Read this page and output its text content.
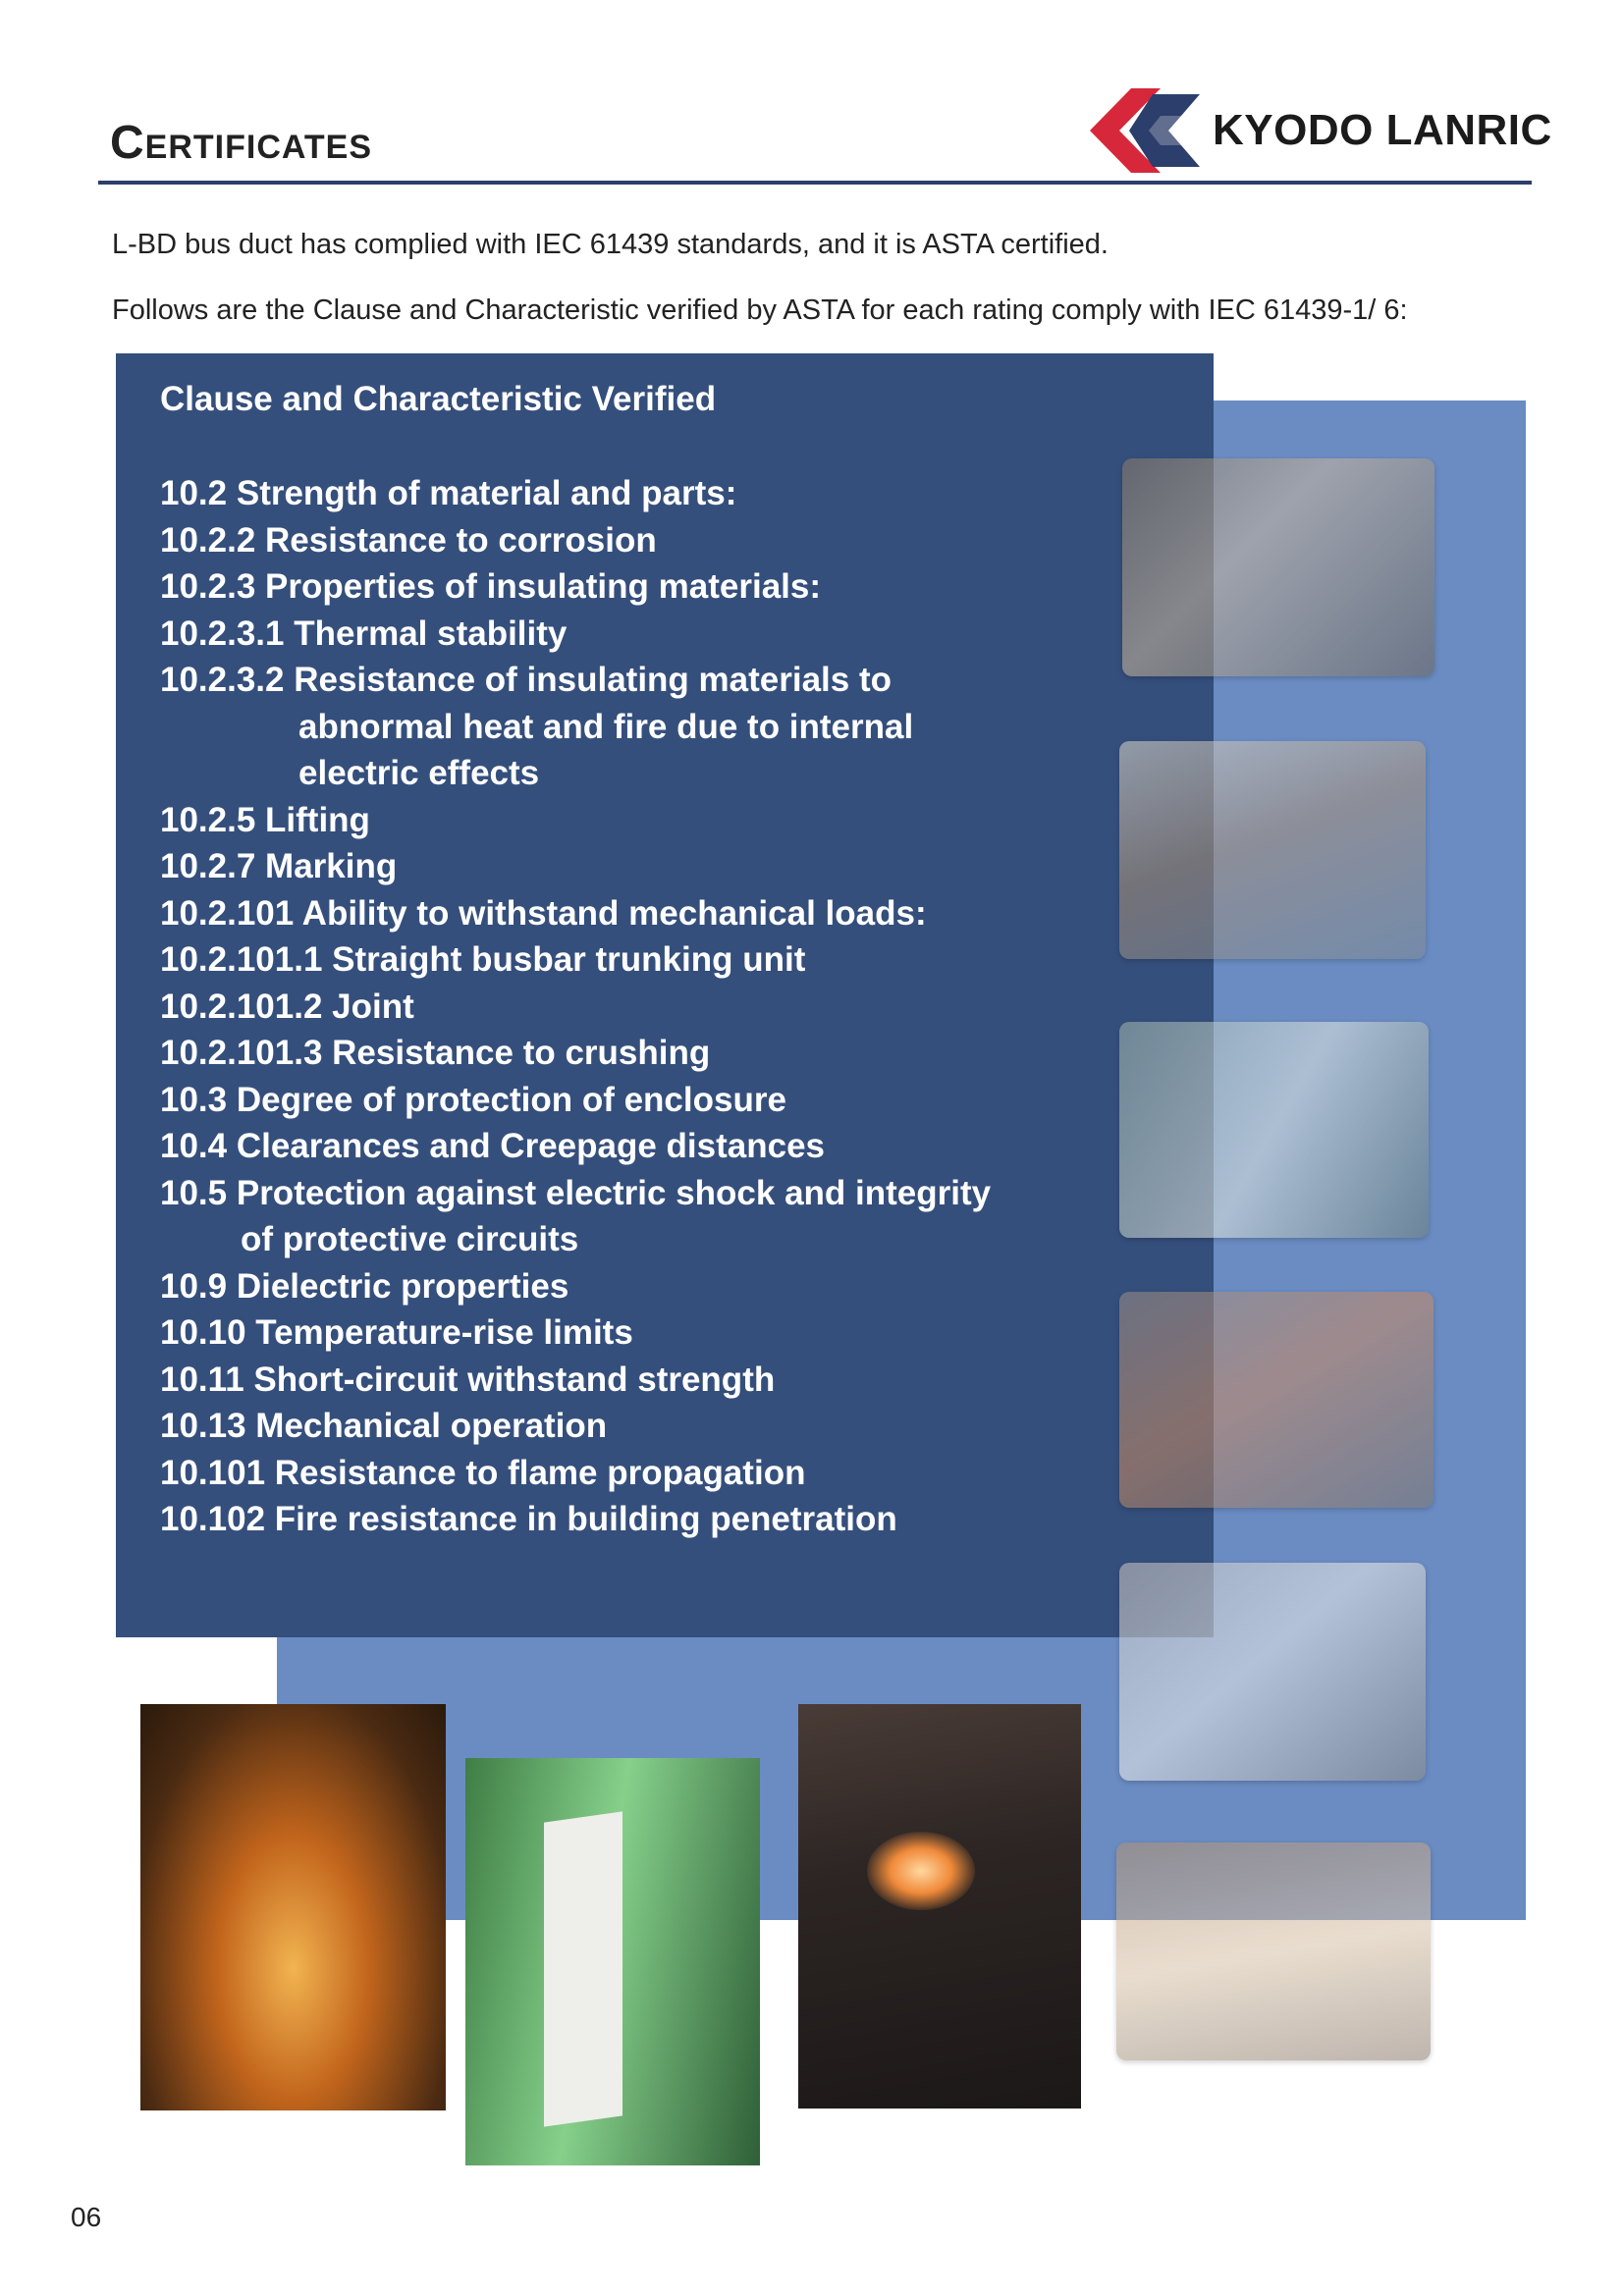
Certificates	KYODO LANRIC
L-BD bus duct has complied with IEC 61439 standards, and it is ASTA certified.
Follows are the Clause and Characteristic verified by ASTA for each rating comply with IEC 61439-1/ 6:
Clause and Characteristic Verified
10.2 Strength of material and parts:
10.2.2 Resistance to corrosion
10.2.3 Properties of insulating materials:
10.2.3.1 Thermal stability
10.2.3.2 Resistance of insulating materials to
abnormal heat and fire due to internal
electric effects
10.2.5 Lifting
10.2.7 Marking
10.2.101 Ability to withstand mechanical loads:
10.2.101.1 Straight busbar trunking unit
10.2.101.2 Joint
10.2.101.3 Resistance to crushing
10.3 Degree of protection of enclosure
10.4 Clearances and Creepage distances
10.5 Protection against electric shock and integrity
of protective circuits
10.9 Dielectric properties
10.10 Temperature-rise limits
10.11 Short-circuit withstand strength
10.13 Mechanical operation
10.101 Resistance to flame propagation
10.102 Fire resistance in building penetration
06
